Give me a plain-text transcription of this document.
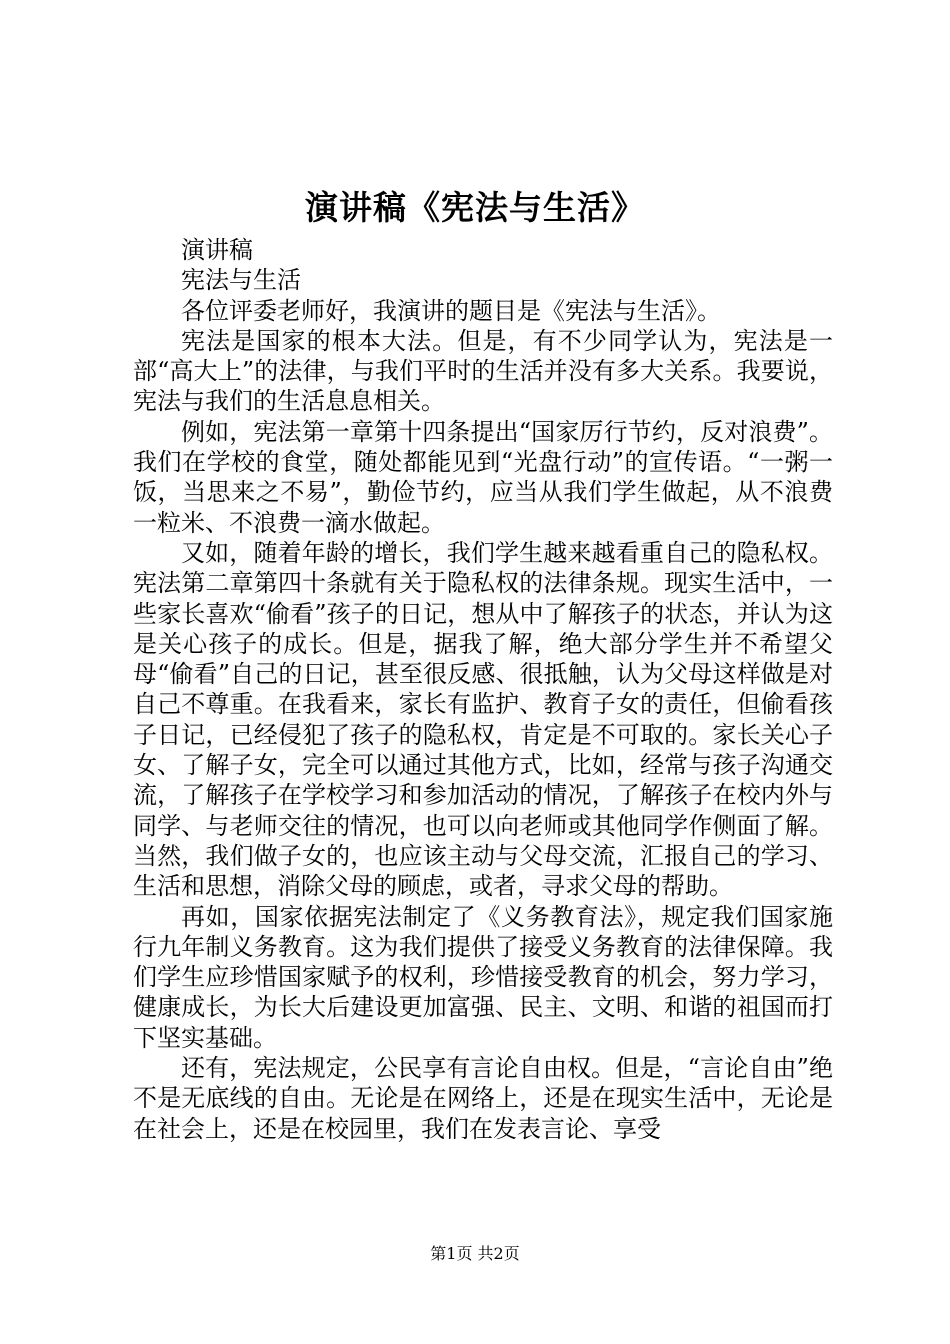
演讲稿《宪法与生活》

演讲稿

宪法与生活

各位评委老师好，我演讲的题目是《宪法与生活》。

宪法是国家的根本大法。但是，有不少同学认为，宪法是一部“高大上”的法律，与我们平时的生活并没有多大关系。我要说，宪法与我们的生活息息相关。

例如，宪法第一章第十四条提出“国家厉行节约，反对浪费”。我们在学校的食堂，随处都能见到“光盘行动”的宣传语。“一粥一饭，当思来之不易”，勤俭节约，应当从我们学生做起，从不浪费一粒米、不浪费一滴水做起。

又如，随着年龄的增长，我们学生越来越看重自己的隐私权。宪法第二章第四十条就有关于隐私权的法律条规。现实生活中，一些家长喜欢“偷看”孩子的日记，想从中了解孩子的状态，并认为这是关心孩子的成长。但是，据我了解，绝大部分学生并不希望父母“偷看”自己的日记，甚至很反感、很抵触，认为父母这样做是对自己不尊重。在我看来，家长有监护、教育子女的责任，但偷看孩子日记，已经侵犯了孩子的隐私权，肯定是不可取的。家长关心子女、了解子女，完全可以通过其他方式，比如，经常与孩子沟通交流，了解孩子在学校学习和参加活动的情况，了解孩子在校内外与同学、与老师交往的情况，也可以向老师或其他同学作侧面了解。当然，我们做子女的，也应该主动与父母交流，汇报自己的学习、生活和思想，消除父母的顾虑，或者，寻求父母的帮助。

再如，国家依据宪法制定了《义务教育法》，规定我们国家施行九年制义务教育。这为我们提供了接受义务教育的法律保障。我们学生应珍惜国家赋予的权利，珍惜接受教育的机会，努力学习，健康成长，为长大后建设更加富强、民主、文明、和谐的祖国而打下坚实基础。

还有，宪法规定，公民享有言论自由权。但是，“言论自由”绝不是无底线的自由。无论是在网络上，还是在现实生活中，无论是在社会上，还是在校园里，我们在发表言论、享受

第1页 共2页
